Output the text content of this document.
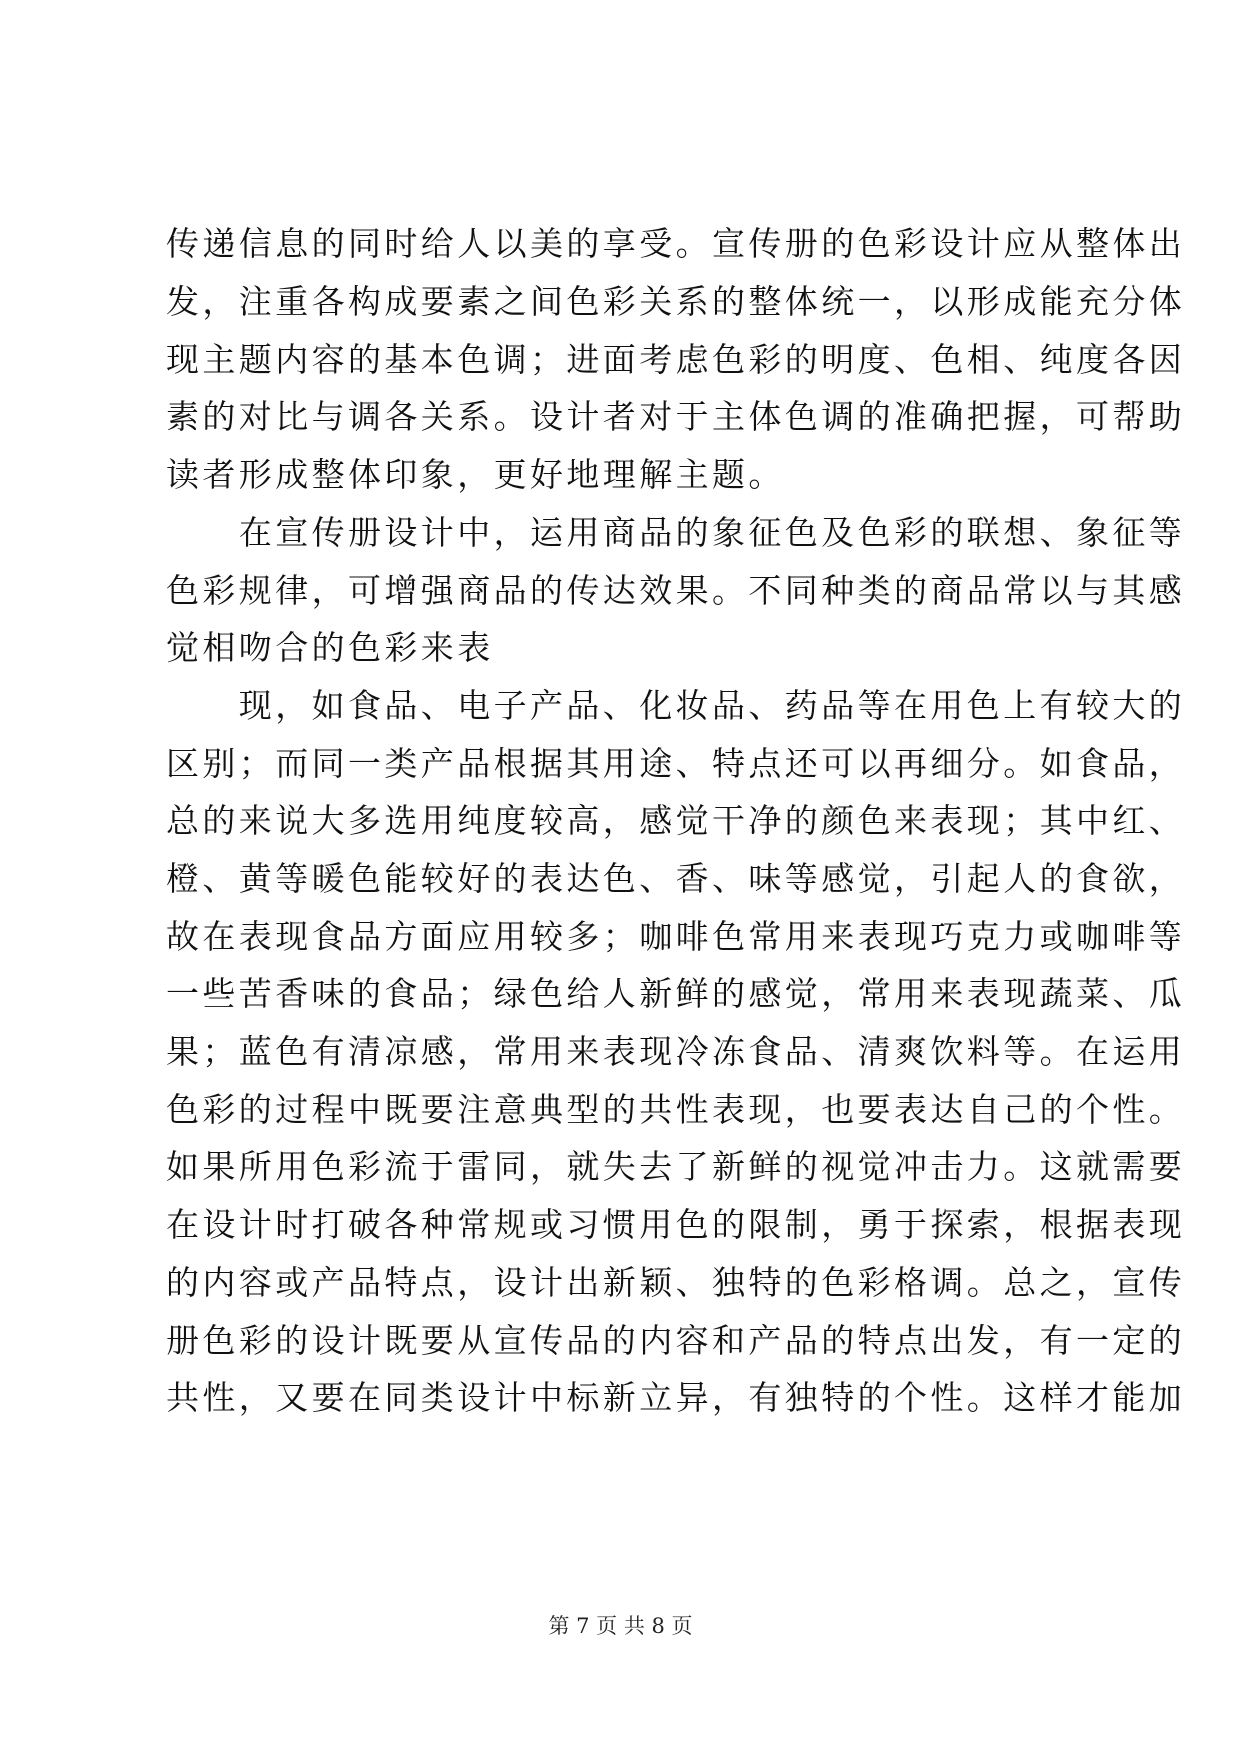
传递信息的同时给人以美的享受。宣传册的色彩设计应从整体出
发，注重各构成要素之间色彩关系的整体统一，以形成能充分体
现主题内容的基本色调；进面考虑色彩的明度、色相、纯度各因
素的对比与调各关系。设计者对于主体色调的准确把握，可帮助
读者形成整体印象，更好地理解主题。
　　在宣传册设计中，运用商品的象征色及色彩的联想、象征等
色彩规律，可增强商品的传达效果。不同种类的商品常以与其感
觉相吻合的色彩来表
　　现，如食品、电子产品、化妆品、药品等在用色上有较大的
区别；而同一类产品根据其用途、特点还可以再细分。如食品，
总的来说大多选用纯度较高，感觉干净的颜色来表现；其中红、
橙、黄等暖色能较好的表达色、香、味等感觉，引起人的食欲，
故在表现食品方面应用较多；咖啡色常用来表现巧克力或咖啡等
一些苦香味的食品；绿色给人新鲜的感觉，常用来表现蔬菜、瓜
果；蓝色有清凉感，常用来表现冷冻食品、清爽饮料等。在运用
色彩的过程中既要注意典型的共性表现，也要表达自己的个性。
如果所用色彩流于雷同，就失去了新鲜的视觉冲击力。这就需要
在设计时打破各种常规或习惯用色的限制，勇于探索，根据表现
的内容或产品特点，设计出新颖、独特的色彩格调。总之，宣传
册色彩的设计既要从宣传品的内容和产品的特点出发，有一定的
共性，又要在同类设计中标新立异，有独特的个性。这样才能加
第 7 页 共 8 页
